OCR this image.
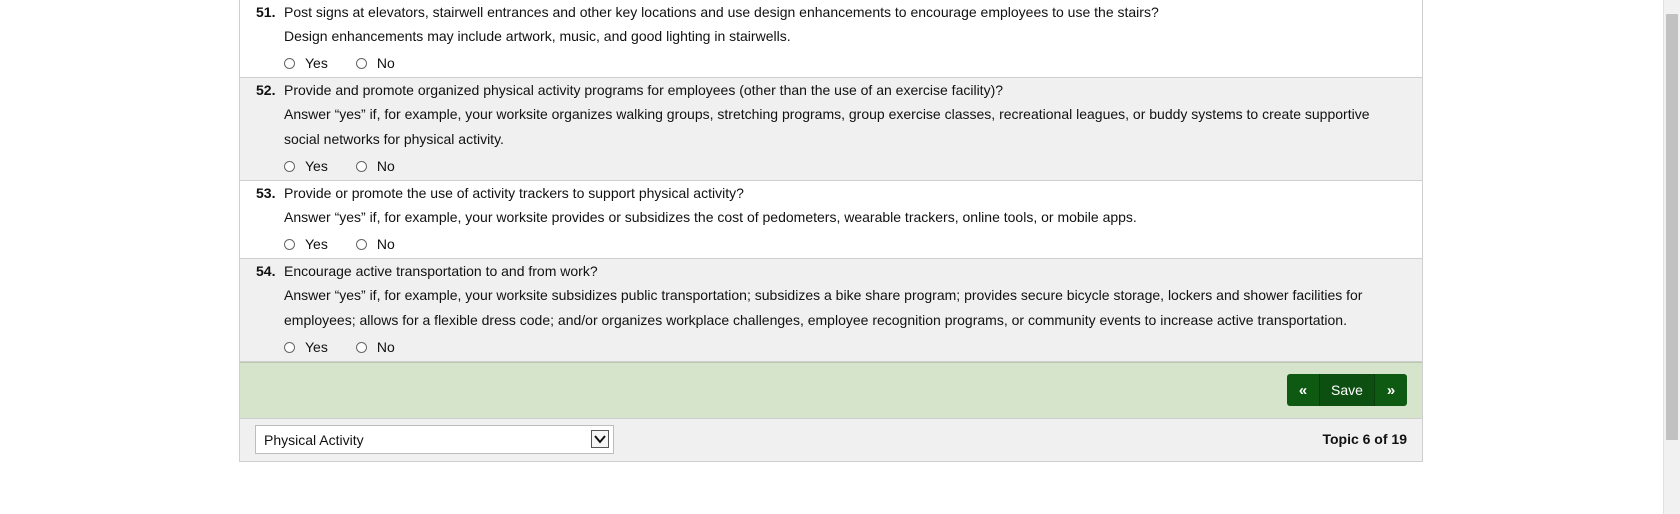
51. Post signs at elevators, stairwell entrances and other key locations and use design enhancements to encourage employees to use the stairs?
Design enhancements may include artwork, music, and good lighting in stairwells.
Yes	No
52. Provide and promote organized physical activity programs for employees (other than the use of an exercise facility)?
Answer “yes” if, for example, your worksite organizes walking groups, stretching programs, group exercise classes, recreational leagues, or buddy systems to create supportive social networks for physical activity.
Yes	No
53. Provide or promote the use of activity trackers to support physical activity?
Answer “yes” if, for example, your worksite provides or subsidizes the cost of pedometers, wearable trackers, online tools, or mobile apps.
Yes	No
54. Encourage active transportation to and from work?
Answer “yes” if, for example, your worksite subsidizes public transportation; subsidizes a bike share program; provides secure bicycle storage, lockers and shower facilities for employees; allows for a flexible dress code; and/or organizes workplace challenges, employee recognition programs, or community events to increase active transportation.
Yes	No
«	Save	»
Physical Activity	Topic 6 of 19
